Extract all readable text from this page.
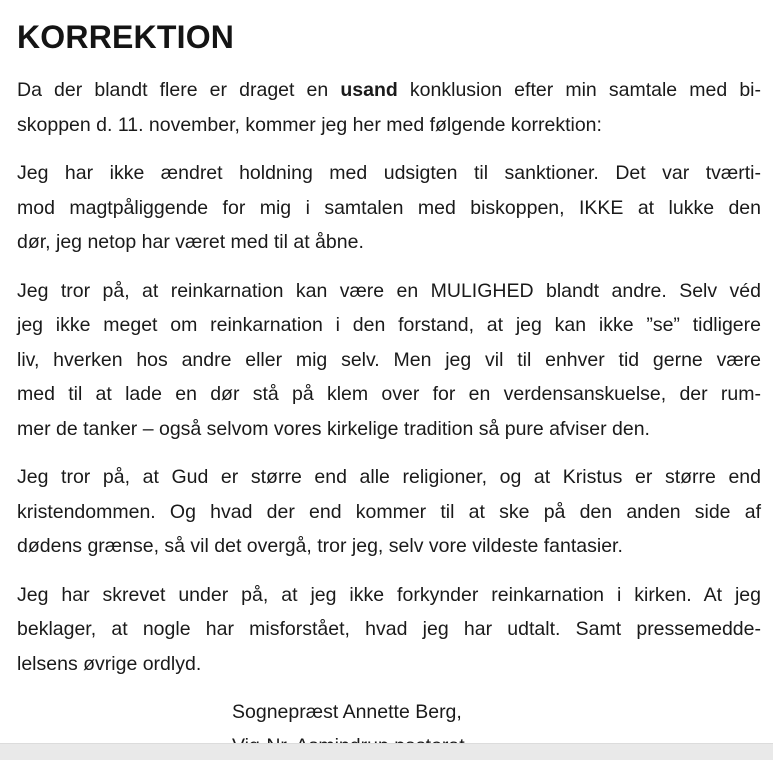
KORREKTION

Da der blandt flere er draget en usand konklusion efter min samtale med bi-
skoppen d. 11. november, kommer jeg her med følgende korrektion:

Jeg har ikke ændret holdning med udsigten til sanktioner. Det var tværti-
mod magtpåliggende for mig i samtalen med biskoppen, IKKE at lukke den
dør, jeg netop har været med til at åbne.

Jeg tror på, at reinkarnation kan være en MULIGHED blandt andre. Selv véd
jeg ikke meget om reinkarnation i den forstand, at jeg kan ikke ”se” tidligere
liv, hverken hos andre eller mig selv. Men jeg vil til enhver tid gerne være
med til at lade en dør stå på klem over for en verdensanskuelse, der rum-
mer de tanker – også selvom vores kirkelige tradition så pure afviser den.

Jeg tror på, at Gud er større end alle religioner, og at Kristus er større end
kristendommen. Og hvad der end kommer til at ske på den anden side af
dødens grænse, så vil det overgå, tror jeg, selv vore vildeste fantasier.

Jeg har skrevet under på, at jeg ikke forkynder reinkarnation i kirken. At jeg
beklager, at nogle har misforstået, hvad jeg har udtalt. Samt pressemedde-
lelsens øvrige ordlyd.

Sognepræst Annette Berg,
